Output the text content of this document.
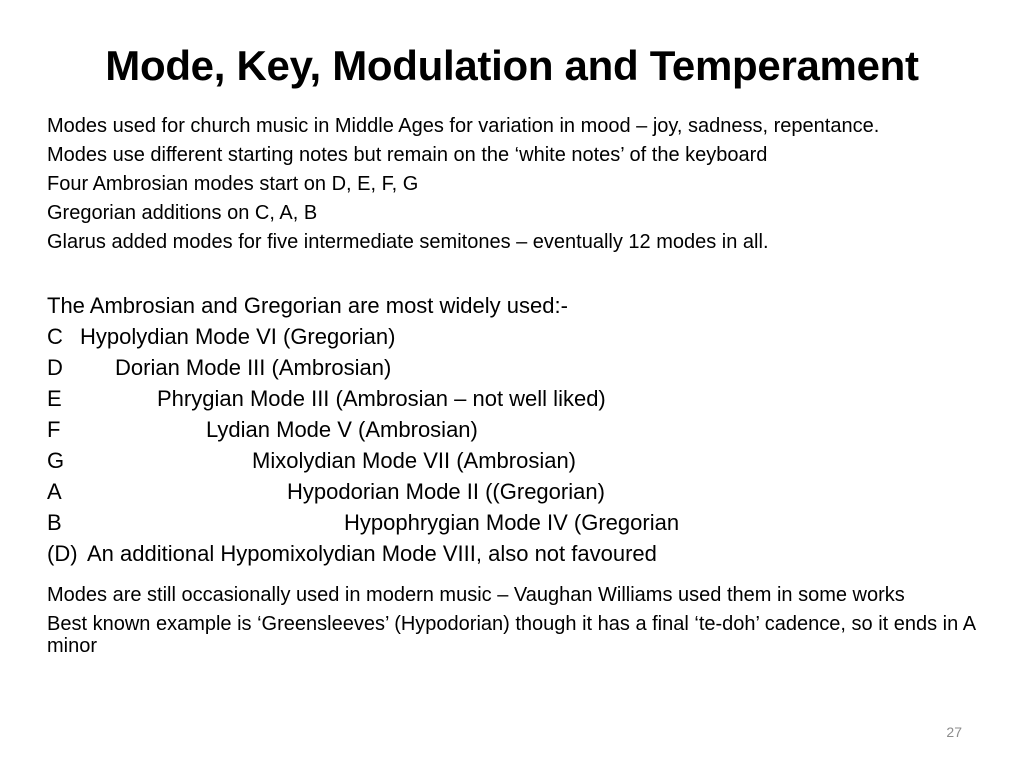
Mode, Key, Modulation and Temperament

Modes used for church music in Middle Ages for variation in mood – joy, sadness, repentance.

Modes use different starting notes but remain on the ‘white notes’ of the keyboard

Four Ambrosian modes start on D, E, F, G

Gregorian additions on C, A, B

Glarus added modes for five intermediate semitones – eventually 12 modes in all.

The Ambrosian and Gregorian are most widely used:-
C Hypolydian Mode VI (Gregorian)
D Dorian Mode III (Ambrosian)
E	Phrygian Mode III (Ambrosian – not well liked)
F	Lydian Mode V (Ambrosian)
G	Mixolydian Mode VII (Ambrosian)
A	Hypodorian Mode II ((Gregorian)
B	Hypophrygian Mode IV (Gregorian
(D) An additional Hypomixolydian Mode VIII, also not favoured

Modes are still occasionally used in modern music – Vaughan Williams used them in some works

Best known example is ‘Greensleeves’ (Hypodorian) though it has a final ‘te-doh’ cadence, so it ends in A minor

27
